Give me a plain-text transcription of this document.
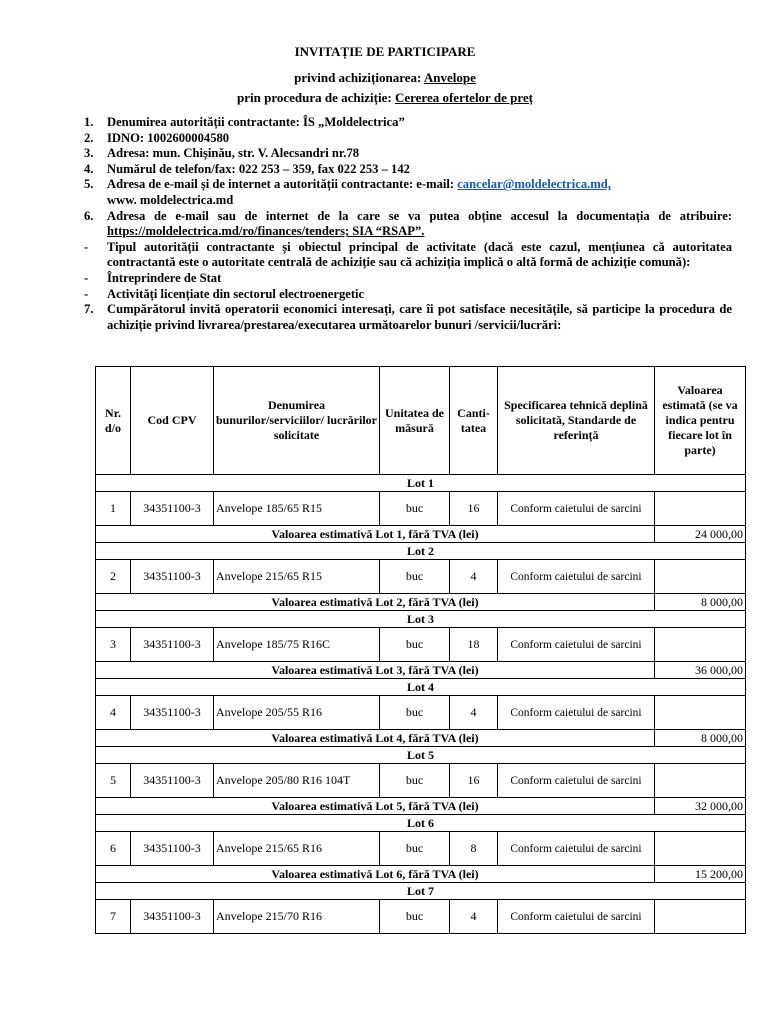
INVITAȚIE DE PARTICIPARE
privind achiziționarea: Anvelope
prin procedura de achiziție: Cererea ofertelor de preț
1.	Denumirea autorității contractante: ÎS „Moldelectrica”
2.	IDNO: 1002600004580
3.	Adresa: mun. Chișinău, str. V. Alecsandri nr.78
4.	Numărul de telefon/fax: 022 253 – 359, fax 022 253 – 142
5.	Adresa de e-mail și de internet a autorității contractante: e-mail: cancelar@moldelectrica.md,
www. moldelectrica.md
6.	Adresa de e-mail sau de internet de la care se va putea obține accesul la documentația de atribuire: https://moldelectrica.md/ro/finances/tenders; SIA “RSAP”.
-	Tipul autorității contractante și obiectul principal de activitate (dacă este cazul, mențiunea că autoritatea contractantă este o autoritate centrală de achiziție sau că achiziția implică o altă formă de achiziție comună):
-	Întreprindere de Stat
-	Activități licențiate din sectorul electroenergetic
7.	Cumpărătorul invită operatorii economici interesați, care îi pot satisface necesitățile, să participe la procedura de achiziție privind livrarea/prestarea/executarea următoarelor bunuri /servicii/lucrări:
Nr. d/o	Cod CPV	Denumirea bunurilor/serviciilor/ lucrărilor solicitate	Unitatea de măsură	Canti-tatea	Specificarea tehnică deplină solicitată, Standarde de referință	Valoarea estimată (se va indica pentru fiecare lot în parte)
Lot 1						
1	34351100-3	Anvelope 185/65 R15	buc	16	Conform caietului de sarcini	
Valoarea estimativă Lot 1, fără TVA (lei)						24 000,00
Lot 2						
2	34351100-3	Anvelope 215/65 R15	buc	4	Conform caietului de sarcini	
Valoarea estimativă Lot 2, fără TVA (lei)						8 000,00
Lot 3						
3	34351100-3	Anvelope 185/75 R16C	buc	18	Conform caietului de sarcini	
Valoarea estimativă Lot 3, fără TVA (lei)						36 000,00
Lot 4						
4	34351100-3	Anvelope 205/55 R16	buc	4	Conform caietului de sarcini	
Valoarea estimativă Lot 4, fără TVA (lei)						8 000,00
Lot 5						
5	34351100-3	Anvelope 205/80 R16 104T	buc	16	Conform caietului de sarcini	
Valoarea estimativă Lot 5, fără TVA (lei)						32 000,00
Lot 6						
6	34351100-3	Anvelope 215/65 R16	buc	8	Conform caietului de sarcini	
Valoarea estimativă Lot 6, fără TVA (lei)						15 200,00
Lot 7						
7	34351100-3	Anvelope 215/70 R16	buc	4	Conform caietului de sarcini	
